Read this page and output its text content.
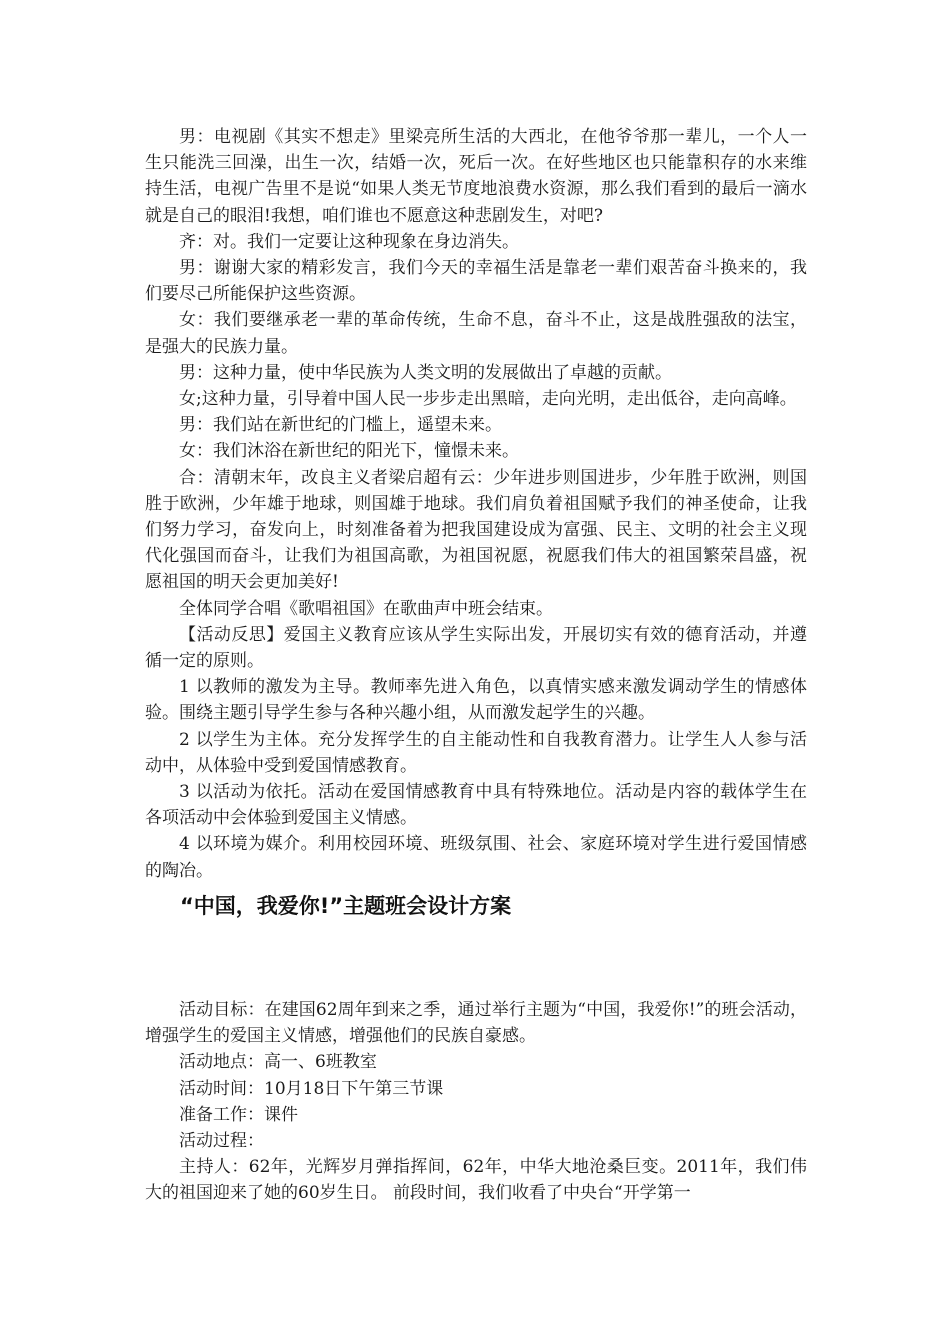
男：电视剧《其实不想走》里梁亮所生活的大西北，在他爷爷那一辈儿，一个人一生只能洗三回澡，出生一次，结婚一次，死后一次。在好些地区也只能靠积存的水来维持生活，电视广告里不是说“如果人类无节度地浪费水资源，那么我们看到的最后一滴水就是自己的眼泪!我想，咱们谁也不愿意这种悲剧发生，对吧?

齐：对。我们一定要让这种现象在身边消失。

男：谢谢大家的精彩发言，我们今天的幸福生活是靠老一辈们艰苦奋斗换来的，我们要尽己所能保护这些资源。

女：我们要继承老一辈的革命传统，生命不息，奋斗不止，这是战胜强敌的法宝，是强大的民族力量。

男：这种力量，使中华民族为人类文明的发展做出了卓越的贡献。

女;这种力量，引导着中国人民一步步走出黑暗，走向光明，走出低谷，走向高峰。

男：我们站在新世纪的门槛上，遥望未来。

女：我们沐浴在新世纪的阳光下，憧憬未来。

合：清朝末年，改良主义者梁启超有云：少年进步则国进步，少年胜于欧洲，则国胜于欧洲，少年雄于地球，则国雄于地球。我们肩负着祖国赋予我们的神圣使命，让我们努力学习，奋发向上，时刻准备着为把我国建设成为富强、民主、文明的社会主义现代化强国而奋斗，让我们为祖国高歌，为祖国祝愿，祝愿我们伟大的祖国繁荣昌盛，祝愿祖国的明天会更加美好!

全体同学合唱《歌唱祖国》在歌曲声中班会结束。

【活动反思】爱国主义教育应该从学生实际出发，开展切实有效的德育活动，并遵循一定的原则。

1 以教师的激发为主导。教师率先进入角色，以真情实感来激发调动学生的情感体验。围绕主题引导学生参与各种兴趣小组，从而激发起学生的兴趣。

2 以学生为主体。充分发挥学生的自主能动性和自我教育潜力。让学生人人参与活动中，从体验中受到爱国情感教育。

3 以活动为依托。活动在爱国情感教育中具有特殊地位。活动是内容的载体学生在各项活动中会体验到爱国主义情感。

4 以环境为媒介。利用校园环境、班级氛围、社会、家庭环境对学生进行爱国情感的陶冶。

“中国，我爱你!”主题班会设计方案

活动目标：在建国62周年到来之季，通过举行主题为“中国，我爱你!”的班会活动，增强学生的爱国主义情感，增强他们的民族自豪感。

活动地点：高一、6班教室

活动时间：10月18日下午第三节课

准备工作：课件

活动过程：

主持人：62年，光辉岁月弹指挥间，62年，中华大地沧桑巨变。2011年，我们伟大的祖国迎来了她的60岁生日。 前段时间，我们收看了中央台“开学第一
